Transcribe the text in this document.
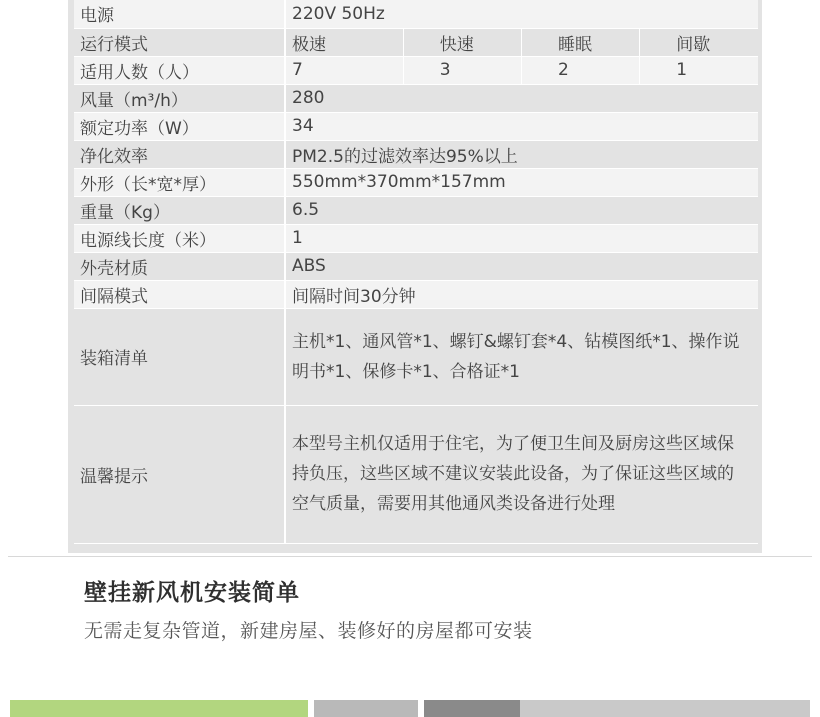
电源	220V 50Hz			
运行模式	极速	快速	睡眠	间歇
适用人数（人）	7	3	2	1
风量（m³/h）	280			
额定功率（W）	34			
净化效率	PM2.5的过滤效率达95%以上			
外形（长*宽*厚）	550mm*370mm*157mm			
重量（Kg）	6.5			
电源线长度（米）	1			
外壳材质	ABS			
间隔模式	间隔时间30分钟			
装箱清单	主机*1、通风管*1、螺钉&螺钉套*4、钻模图纸*1、操作说明书*1、保修卡*1、合格证*1			
温馨提示	本型号主机仅适用于住宅，为了便卫生间及厨房这些区域保持负压，这些区域不建议安装此设备，为了保证这些区域的空气质量，需要用其他通风类设备进行处理			
壁挂新风机安装简单
无需走复杂管道，新建房屋、装修好的房屋都可安装
